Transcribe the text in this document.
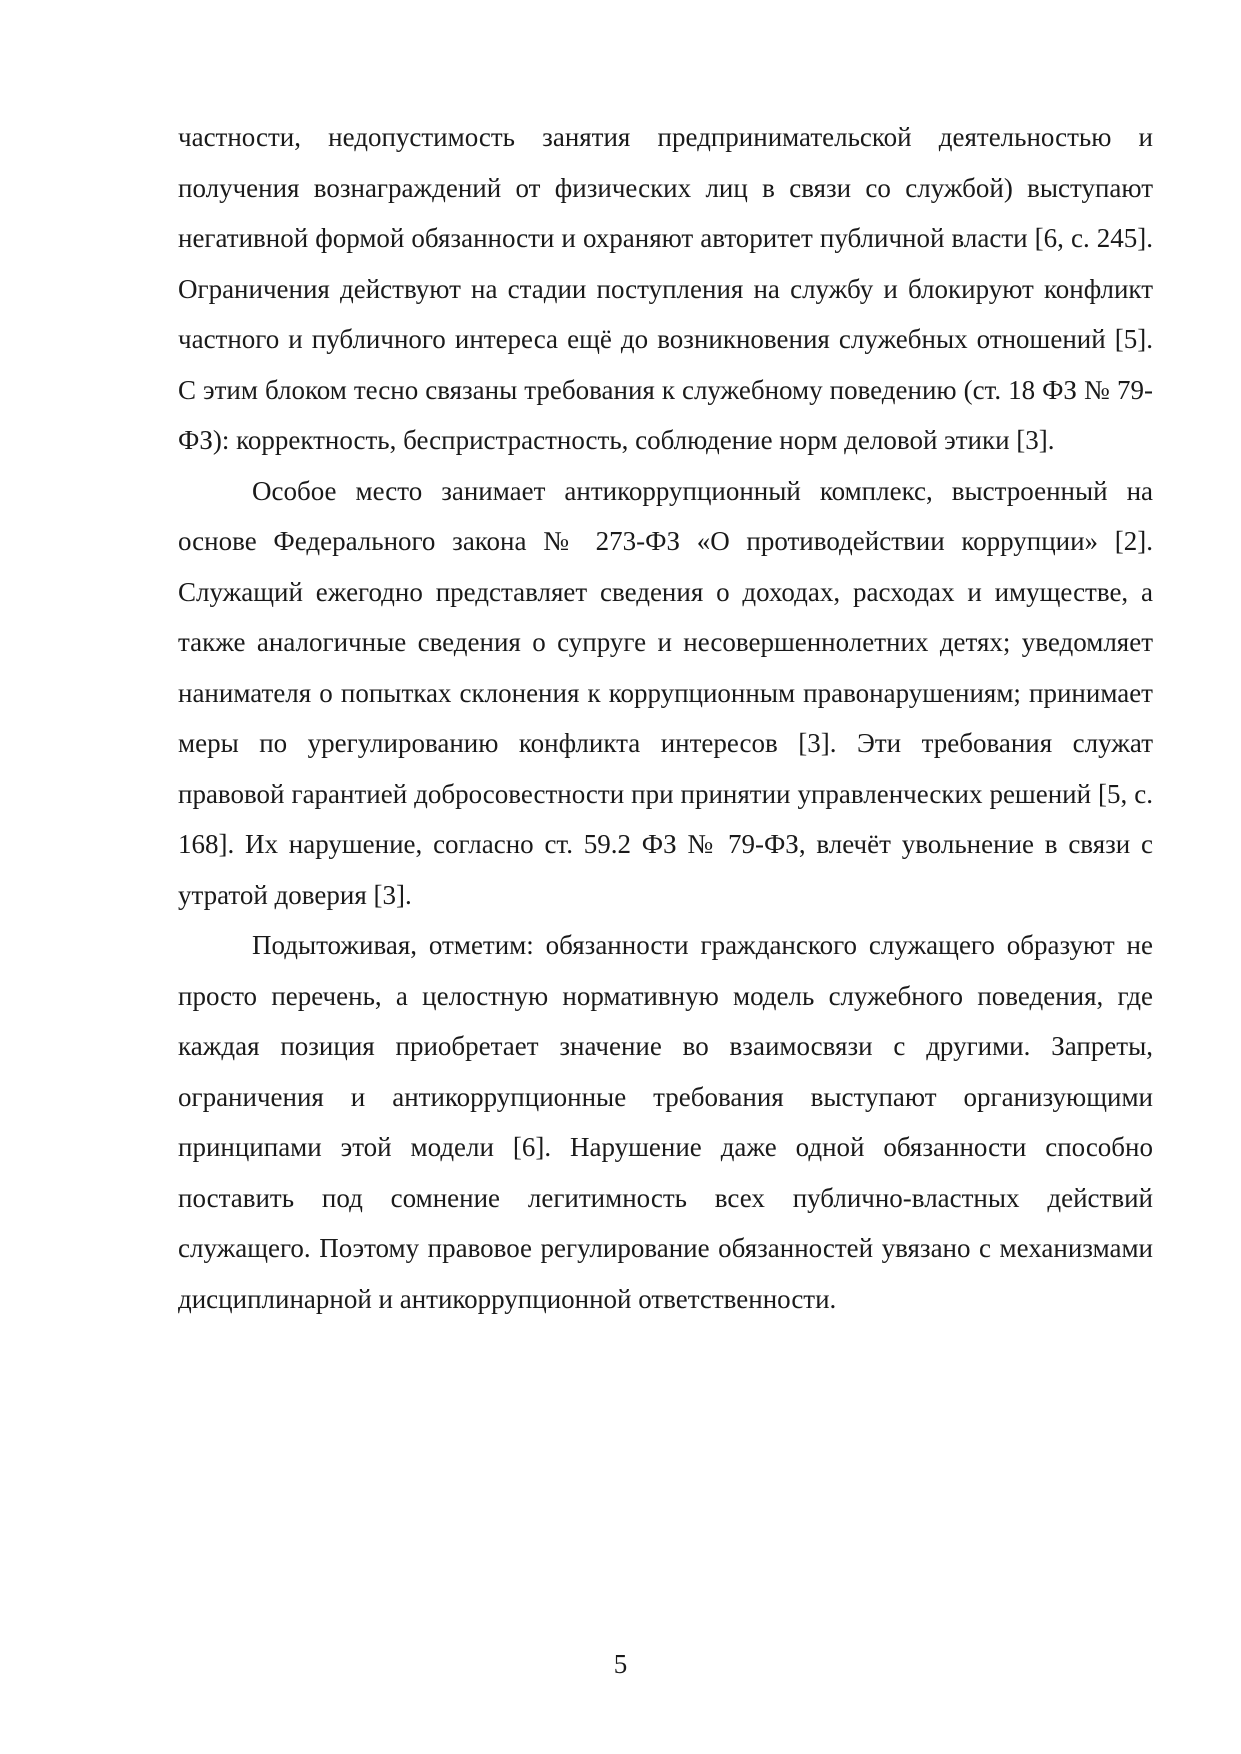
частности, недопустимость занятия предпринимательской деятельностью и получения вознаграждений от физических лиц в связи со службой) выступают негативной формой обязанности и охраняют авторитет публичной власти [6, с. 245]. Ограничения действуют на стадии поступления на службу и блокируют конфликт частного и публичного интереса ещё до возникновения служебных отношений [5]. С этим блоком тесно связаны требования к служебному поведению (ст. 18 ФЗ № 79-ФЗ): корректность, беспристрастность, соблюдение норм деловой этики [3].

Особое место занимает антикоррупционный комплекс, выстроенный на основе Федерального закона № 273-ФЗ «О противодействии коррупции» [2]. Служащий ежегодно представляет сведения о доходах, расходах и имуществе, а также аналогичные сведения о супруге и несовершеннолетних детях; уведомляет нанимателя о попытках склонения к коррупционным правонарушениям; принимает меры по урегулированию конфликта интересов [3]. Эти требования служат правовой гарантией добросовестности при принятии управленческих решений [5, с. 168]. Их нарушение, согласно ст. 59.2 ФЗ № 79-ФЗ, влечёт увольнение в связи с утратой доверия [3].

Подытоживая, отметим: обязанности гражданского служащего образуют не просто перечень, а целостную нормативную модель служебного поведения, где каждая позиция приобретает значение во взаимосвязи с другими. Запреты, ограничения и антикоррупционные требования выступают организующими принципами этой модели [6]. Нарушение даже одной обязанности способно поставить под сомнение легитимность всех публично-властных действий служащего. Поэтому правовое регулирование обязанностей увязано с механизмами дисциплинарной и антикоррупционной ответственности.

5
